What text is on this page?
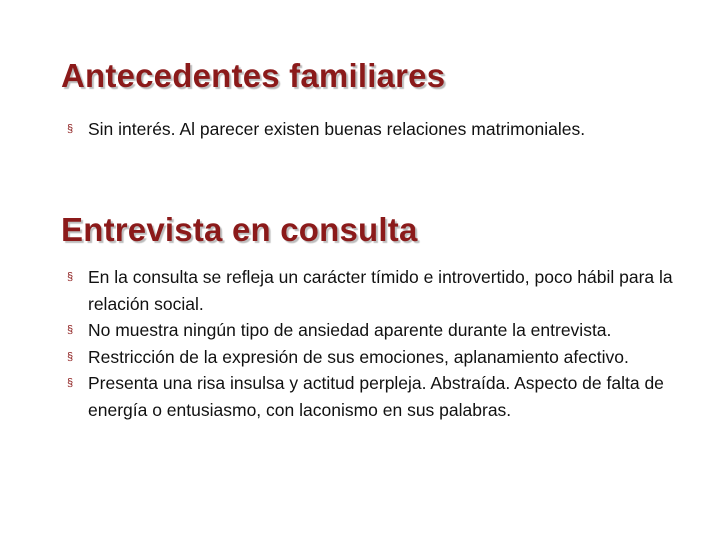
Antecedentes familiares
§ Sin interés. Al parecer existen buenas relaciones matrimoniales.
Entrevista en consulta
§ En la consulta se refleja un carácter tímido e introvertido, poco hábil para la relación social.
§ No muestra ningún tipo de ansiedad aparente durante la entrevista.
§ Restricción de la expresión de sus emociones, aplanamiento afectivo.
§ Presenta una risa insulsa y actitud perpleja. Abstraída. Aspecto de falta de energía o entusiasmo, con laconismo en sus palabras.
